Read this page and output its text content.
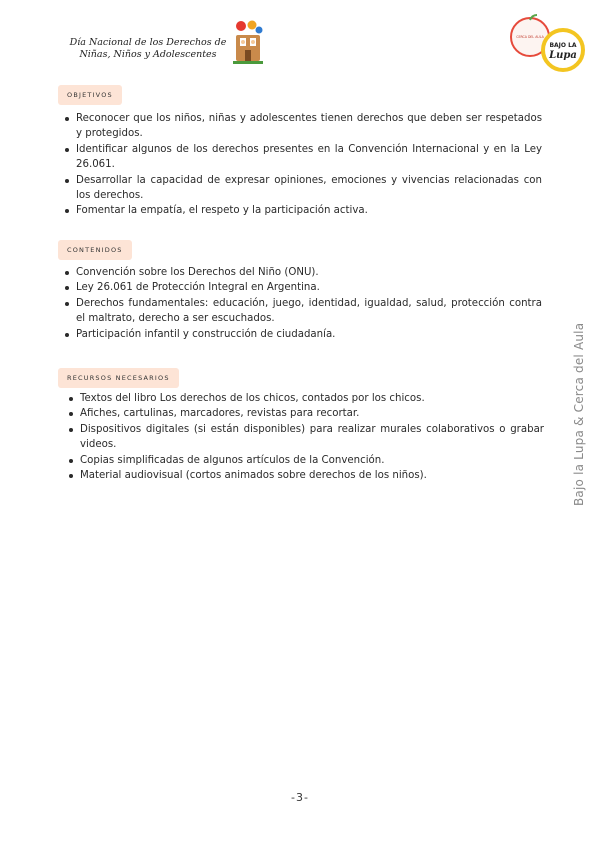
Día Nacional de los Derechos de
Niñas, Niños y Adolescentes
CERCA DEL AULA
BAJO LA
Lupa
OBJETIVOS
Reconocer que los niños, niñas y adolescentes tienen derechos que deben ser respetados y protegidos.
Identificar algunos de los derechos presentes en la Convención Internacional y en la Ley 26.061.
Desarrollar la capacidad de expresar opiniones, emociones y vivencias relacionadas con los derechos.
Fomentar la empatía, el respeto y la participación activa.
CONTENIDOS
Convención sobre los Derechos del Niño (ONU).
Ley 26.061 de Protección Integral en Argentina.
Derechos fundamentales: educación, juego, identidad, igualdad, salud, protección contra el maltrato, derecho a ser escuchados.
Participación infantil y construcción de ciudadanía.
RECURSOS NECESARIOS
Textos del libro Los derechos de los chicos, contados por los chicos.
Afiches, cartulinas, marcadores, revistas para recortar.
Dispositivos digitales (si están disponibles) para realizar murales colaborativos o grabar videos.
Copias simplificadas de algunos artículos de la Convención.
Material audiovisual (cortos animados sobre derechos de los niños).	Bajo la Lupa & Cerca del Aula
-3-
